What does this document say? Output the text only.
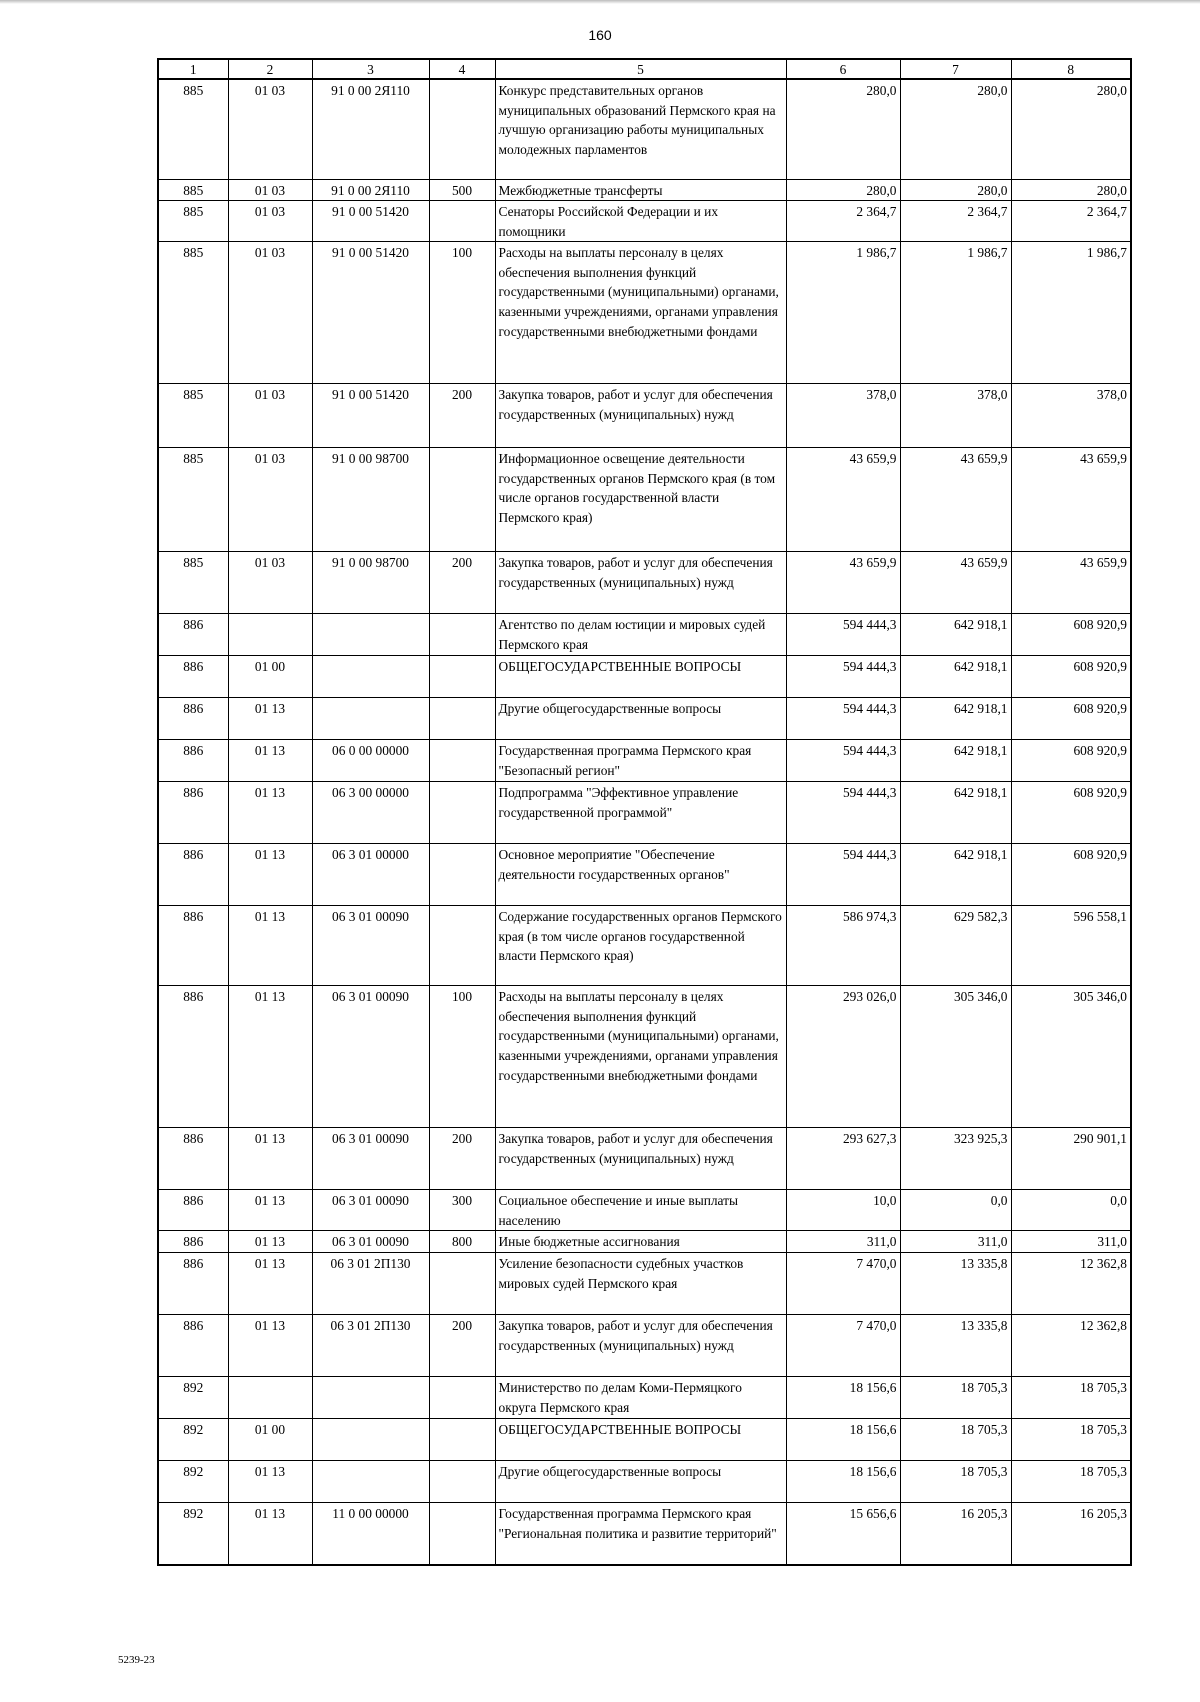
160
1	2	3	4	5	6	7	8
885	01 03	91 0 00 2Я110		Конкурс представительных органов муниципальных образований Пермского края на лучшую организацию работы муниципальных молодежных парламентов	280,0	280,0	280,0
885	01 03	91 0 00 2Я110	500	Межбюджетные трансферты	280,0	280,0	280,0
885	01 03	91 0 00 51420		Сенаторы Российской Федерации и их помощники	2 364,7	2 364,7	2 364,7
885	01 03	91 0 00 51420	100	Расходы на выплаты персоналу в целях обеспечения выполнения функций государственными (муниципальными) органами, казенными учреждениями, органами управления государственными внебюджетными фондами	1 986,7	1 986,7	1 986,7
885	01 03	91 0 00 51420	200	Закупка товаров, работ и услуг для обеспечения государственных (муниципальных) нужд	378,0	378,0	378,0
885	01 03	91 0 00 98700		Информационное освещение деятельности государственных органов Пермского края (в том числе органов государственной власти Пермского края)	43 659,9	43 659,9	43 659,9
885	01 03	91 0 00 98700	200	Закупка товаров, работ и услуг для обеспечения государственных (муниципальных) нужд	43 659,9	43 659,9	43 659,9
886				Агентство по делам юстиции и мировых судей Пермского края	594 444,3	642 918,1	608 920,9
886	01 00			ОБЩЕГОСУДАРСТВЕННЫЕ ВОПРОСЫ	594 444,3	642 918,1	608 920,9
886	01 13			Другие общегосударственные вопросы	594 444,3	642 918,1	608 920,9
886	01 13	06 0 00 00000		Государственная программа Пермского края "Безопасный регион"	594 444,3	642 918,1	608 920,9
886	01 13	06 3 00 00000		Подпрограмма "Эффективное управление государственной программой"	594 444,3	642 918,1	608 920,9
886	01 13	06 3 01 00000		Основное мероприятие "Обеспечение деятельности государственных органов"	594 444,3	642 918,1	608 920,9
886	01 13	06 3 01 00090		Содержание государственных органов Пермского края (в том числе органов государственной власти Пермского края)	586 974,3	629 582,3	596 558,1
886	01 13	06 3 01 00090	100	Расходы на выплаты персоналу в целях обеспечения выполнения функций государственными (муниципальными) органами, казенными учреждениями, органами управления государственными внебюджетными фондами	293 026,0	305 346,0	305 346,0
886	01 13	06 3 01 00090	200	Закупка товаров, работ и услуг для обеспечения государственных (муниципальных) нужд	293 627,3	323 925,3	290 901,1
886	01 13	06 3 01 00090	300	Социальное обеспечение и иные выплаты населению	10,0	0,0	0,0
886	01 13	06 3 01 00090	800	Иные бюджетные ассигнования	311,0	311,0	311,0
886	01 13	06 3 01 2П130		Усиление безопасности судебных участков мировых судей Пермского края	7 470,0	13 335,8	12 362,8
886	01 13	06 3 01 2П130	200	Закупка товаров, работ и услуг для обеспечения государственных (муниципальных) нужд	7 470,0	13 335,8	12 362,8
892				Министерство по делам Коми-Пермяцкого округа Пермского края	18 156,6	18 705,3	18 705,3
892	01 00			ОБЩЕГОСУДАРСТВЕННЫЕ ВОПРОСЫ	18 156,6	18 705,3	18 705,3
892	01 13			Другие общегосударственные вопросы	18 156,6	18 705,3	18 705,3
892	01 13	11 0 00 00000		Государственная программа Пермского края "Региональная политика и развитие территорий"	15 656,6	16 205,3	16 205,3
5239-23
